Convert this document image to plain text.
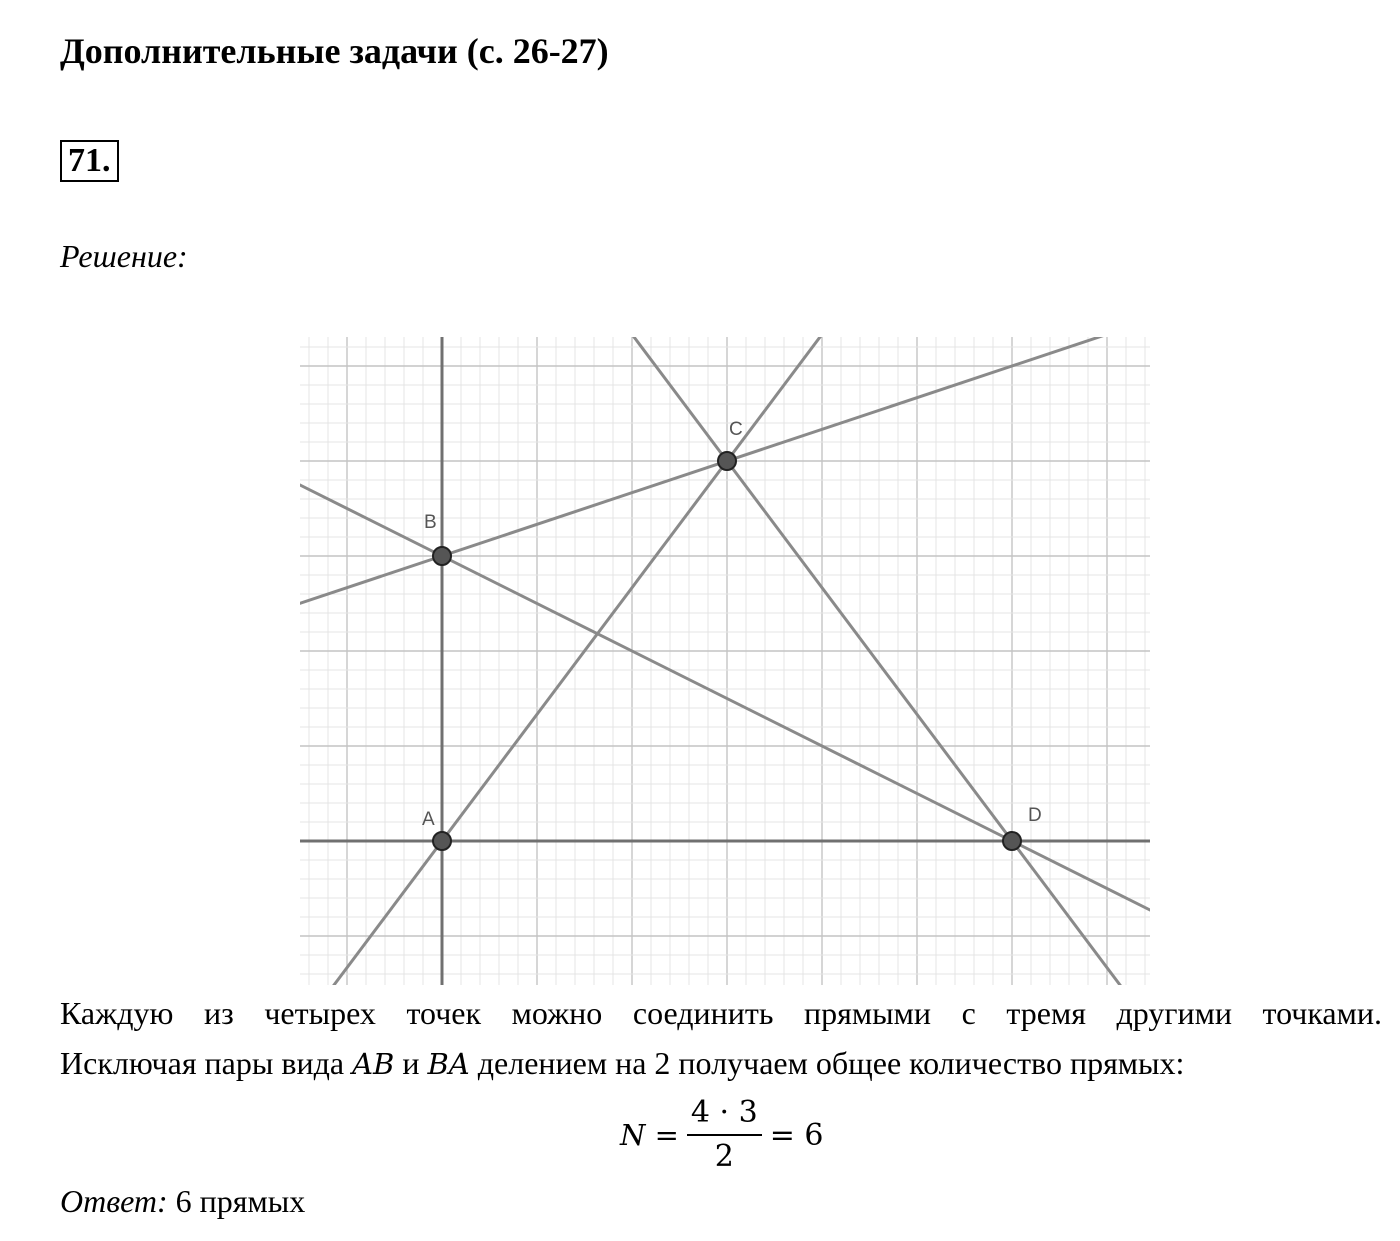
Дополнительные задачи (с. 26-27)
71.
Решение:
A
B
C
D
Каждую из четырех точек можно соединить прямыми с тремя другими точками.
Исключая пары вида AB и BA делением на 2 получаем общее количество прямых:
$N = \frac{4 \cdot 3}{2} = 6$
Ответ: 6 прямых
